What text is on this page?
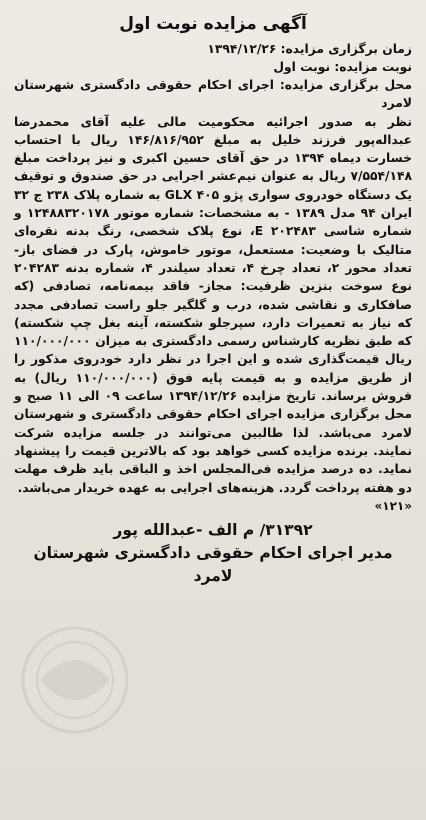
آگهی مزایده نوبت اول
زمان برگزاری مزایده: ۱۳۹۴/۱۲/۲۶
نوبت مزایده: نوبت اول
محل برگزاری مزایده: اجرای احکام حقوقی دادگستری شهرستان لامرد
نظر به صدور اجرائیه محکومیت مالی علیه آقای محمدرضا عبداله‌پور فرزند خلیل به مبلغ ۱۴۶/۸۱۶/۹۵۲ ریال با احتساب خسارت دیماه ۱۳۹۴ در حق آقای حسین اکبری و نیز پرداخت مبلغ ۷/۵۵۴/۱۴۸ ریال به عنوان نیم‌عشر اجرایی در حق صندوق و توقیف یک دستگاه خودروی سواری پژو ۴۰۵ GLX به شماره پلاک ۲۳۸ ج ۳۲ ایران ۹۴ مدل ۱۳۸۹ - به مشخصات: شماره موتور ۱۲۴۸۸۳۲۰۱۷۸ و شماره شاسی E ۲۰۲۴۸۳، نوع پلاک شخصی، رنگ بدنه نقره‌ای متالیک با وضعیت: مستعمل، موتور خاموش، پارک در فضای باز- تعداد محور ۲، تعداد چرخ ۴، تعداد سیلندر ۴، شماره بدنه ۲۰۴۲۸۳ نوع سوخت بنزین ظرفیت: مجاز- فاقد بیمه‌نامه، تصادفی (که صافکاری و نقاشی شده، درب و گلگیر جلو راست تصادفی مجدد که نیاز به تعمیرات دارد، سپرجلو شکسته، آینه بغل چپ شکسته) که طبق نظریه کارشناس رسمی دادگستری به میزان ۱۱۰/۰۰۰/۰۰۰ ریال قیمت‌گذاری شده و این اجرا در نظر دارد خودروی مذکور را از طریق مزایده و به قیمت پایه فوق (۱۱۰/۰۰۰/۰۰۰ ریال) به فروش برساند. تاریخ مزایده ۱۳۹۴/۱۲/۲۶ ساعت ۰۹ الی ۱۱ صبح و محل برگزاری مزایده اجرای احکام حقوقی دادگستری و شهرستان لامرد می‌باشد. لذا طالبین می‌توانند در جلسه مزایده شرکت نمایند. برنده مزایده کسی خواهد بود که بالاترین قیمت را پیشنهاد نماید. ده درصد مزایده فی‌المجلس اخذ و الباقی باید ظرف مهلت دو هفته پرداخت گردد. هزینه‌های اجرایی به عهده خریدار می‌باشد.
«۱۲۱»
۳۱۳۹۲/ م الف -عبدالله پور
مدیر اجرای احکام حقوقی دادگستری شهرستان
لامرد
